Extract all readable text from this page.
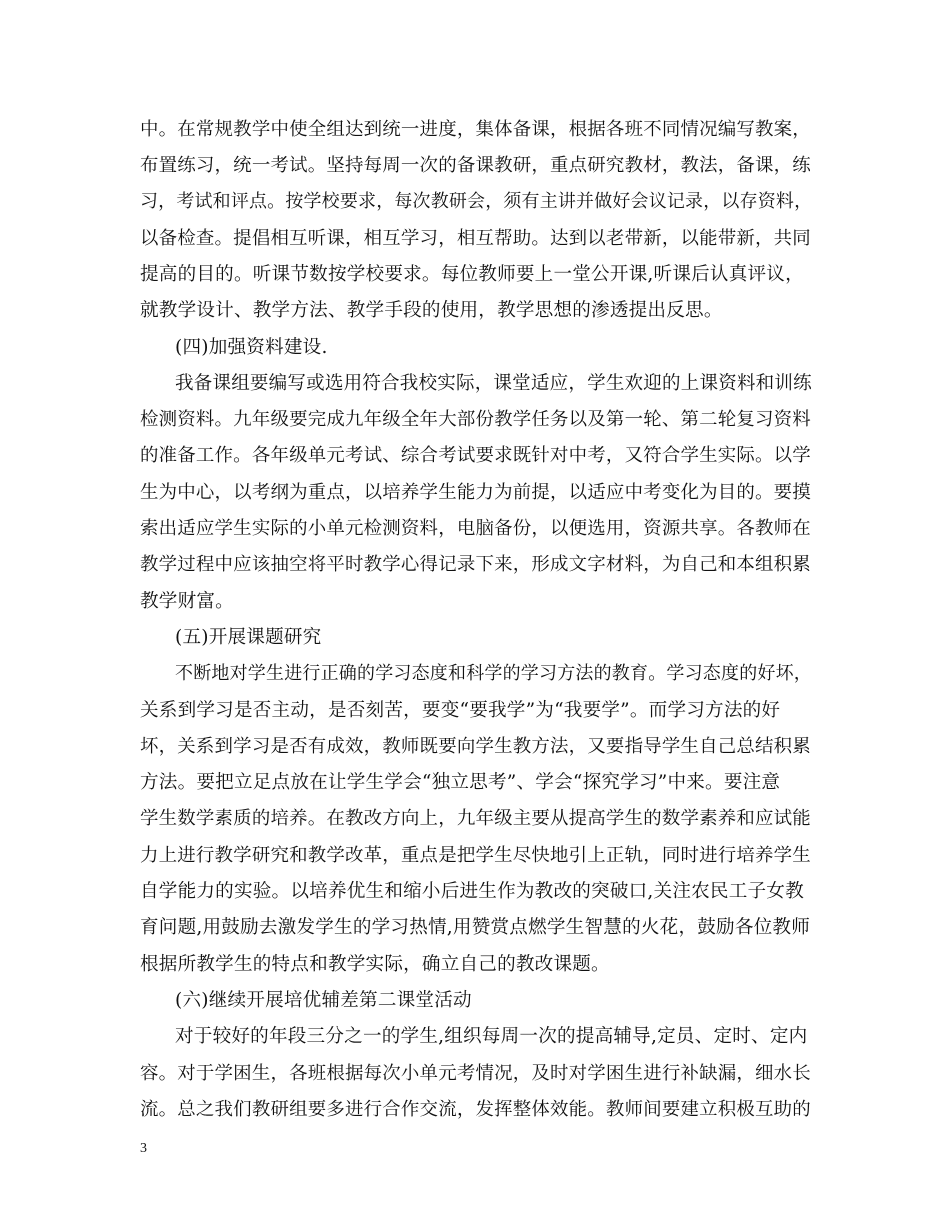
中。在常规教学中使全组达到统一进度，集体备课，根据各班不同情况编写教案，
布置练习，统一考试。坚持每周一次的备课教研，重点研究教材，教法，备课，练
习，考试和评点。按学校要求，每次教研会，须有主讲并做好会议记录，以存资料，
以备检查。提倡相互听课，相互学习，相互帮助。达到以老带新，以能带新，共同
提高的目的。听课节数按学校要求。每位教师要上一堂公开课,听课后认真评议，
就教学设计、教学方法、教学手段的使用，教学思想的渗透提出反思。
(四)加强资料建设.
我备课组要编写或选用符合我校实际，课堂适应，学生欢迎的上课资料和训练
检测资料。九年级要完成九年级全年大部份教学任务以及第一轮、第二轮复习资料
的准备工作。各年级单元考试、综合考试要求既针对中考，又符合学生实际。以学
生为中心，以考纲为重点，以培养学生能力为前提，以适应中考变化为目的。要摸
索出适应学生实际的小单元检测资料，电脑备份，以便选用，资源共享。各教师在
教学过程中应该抽空将平时教学心得记录下来，形成文字材料，为自己和本组积累
教学财富。
(五)开展课题研究
不断地对学生进行正确的学习态度和科学的学习方法的教育。学习态度的好坏，
关系到学习是否主动，是否刻苦，要变“要我学”为“我要学”。而学习方法的好
坏，关系到学习是否有成效，教师既要向学生教方法，又要指导学生自己总结积累
方法。要把立足点放在让学生学会“独立思考”、学会“探究学习”中来。要注意
学生数学素质的培养。在教改方向上，九年级主要从提高学生的数学素养和应试能
力上进行教学研究和教学改革，重点是把学生尽快地引上正轨，同时进行培养学生
自学能力的实验。以培养优生和缩小后进生作为教改的突破口,关注农民工子女教
育问题,用鼓励去激发学生的学习热情,用赞赏点燃学生智慧的火花，鼓励各位教师
根据所教学生的特点和教学实际，确立自己的教改课题。
(六)继续开展培优辅差第二课堂活动
对于较好的年段三分之一的学生,组织每周一次的提高辅导,定员、定时、定内
容。对于学困生，各班根据每次小单元考情况，及时对学困生进行补缺漏，细水长
流。总之我们教研组要多进行合作交流，发挥整体效能。教师间要建立积极互助的
3
